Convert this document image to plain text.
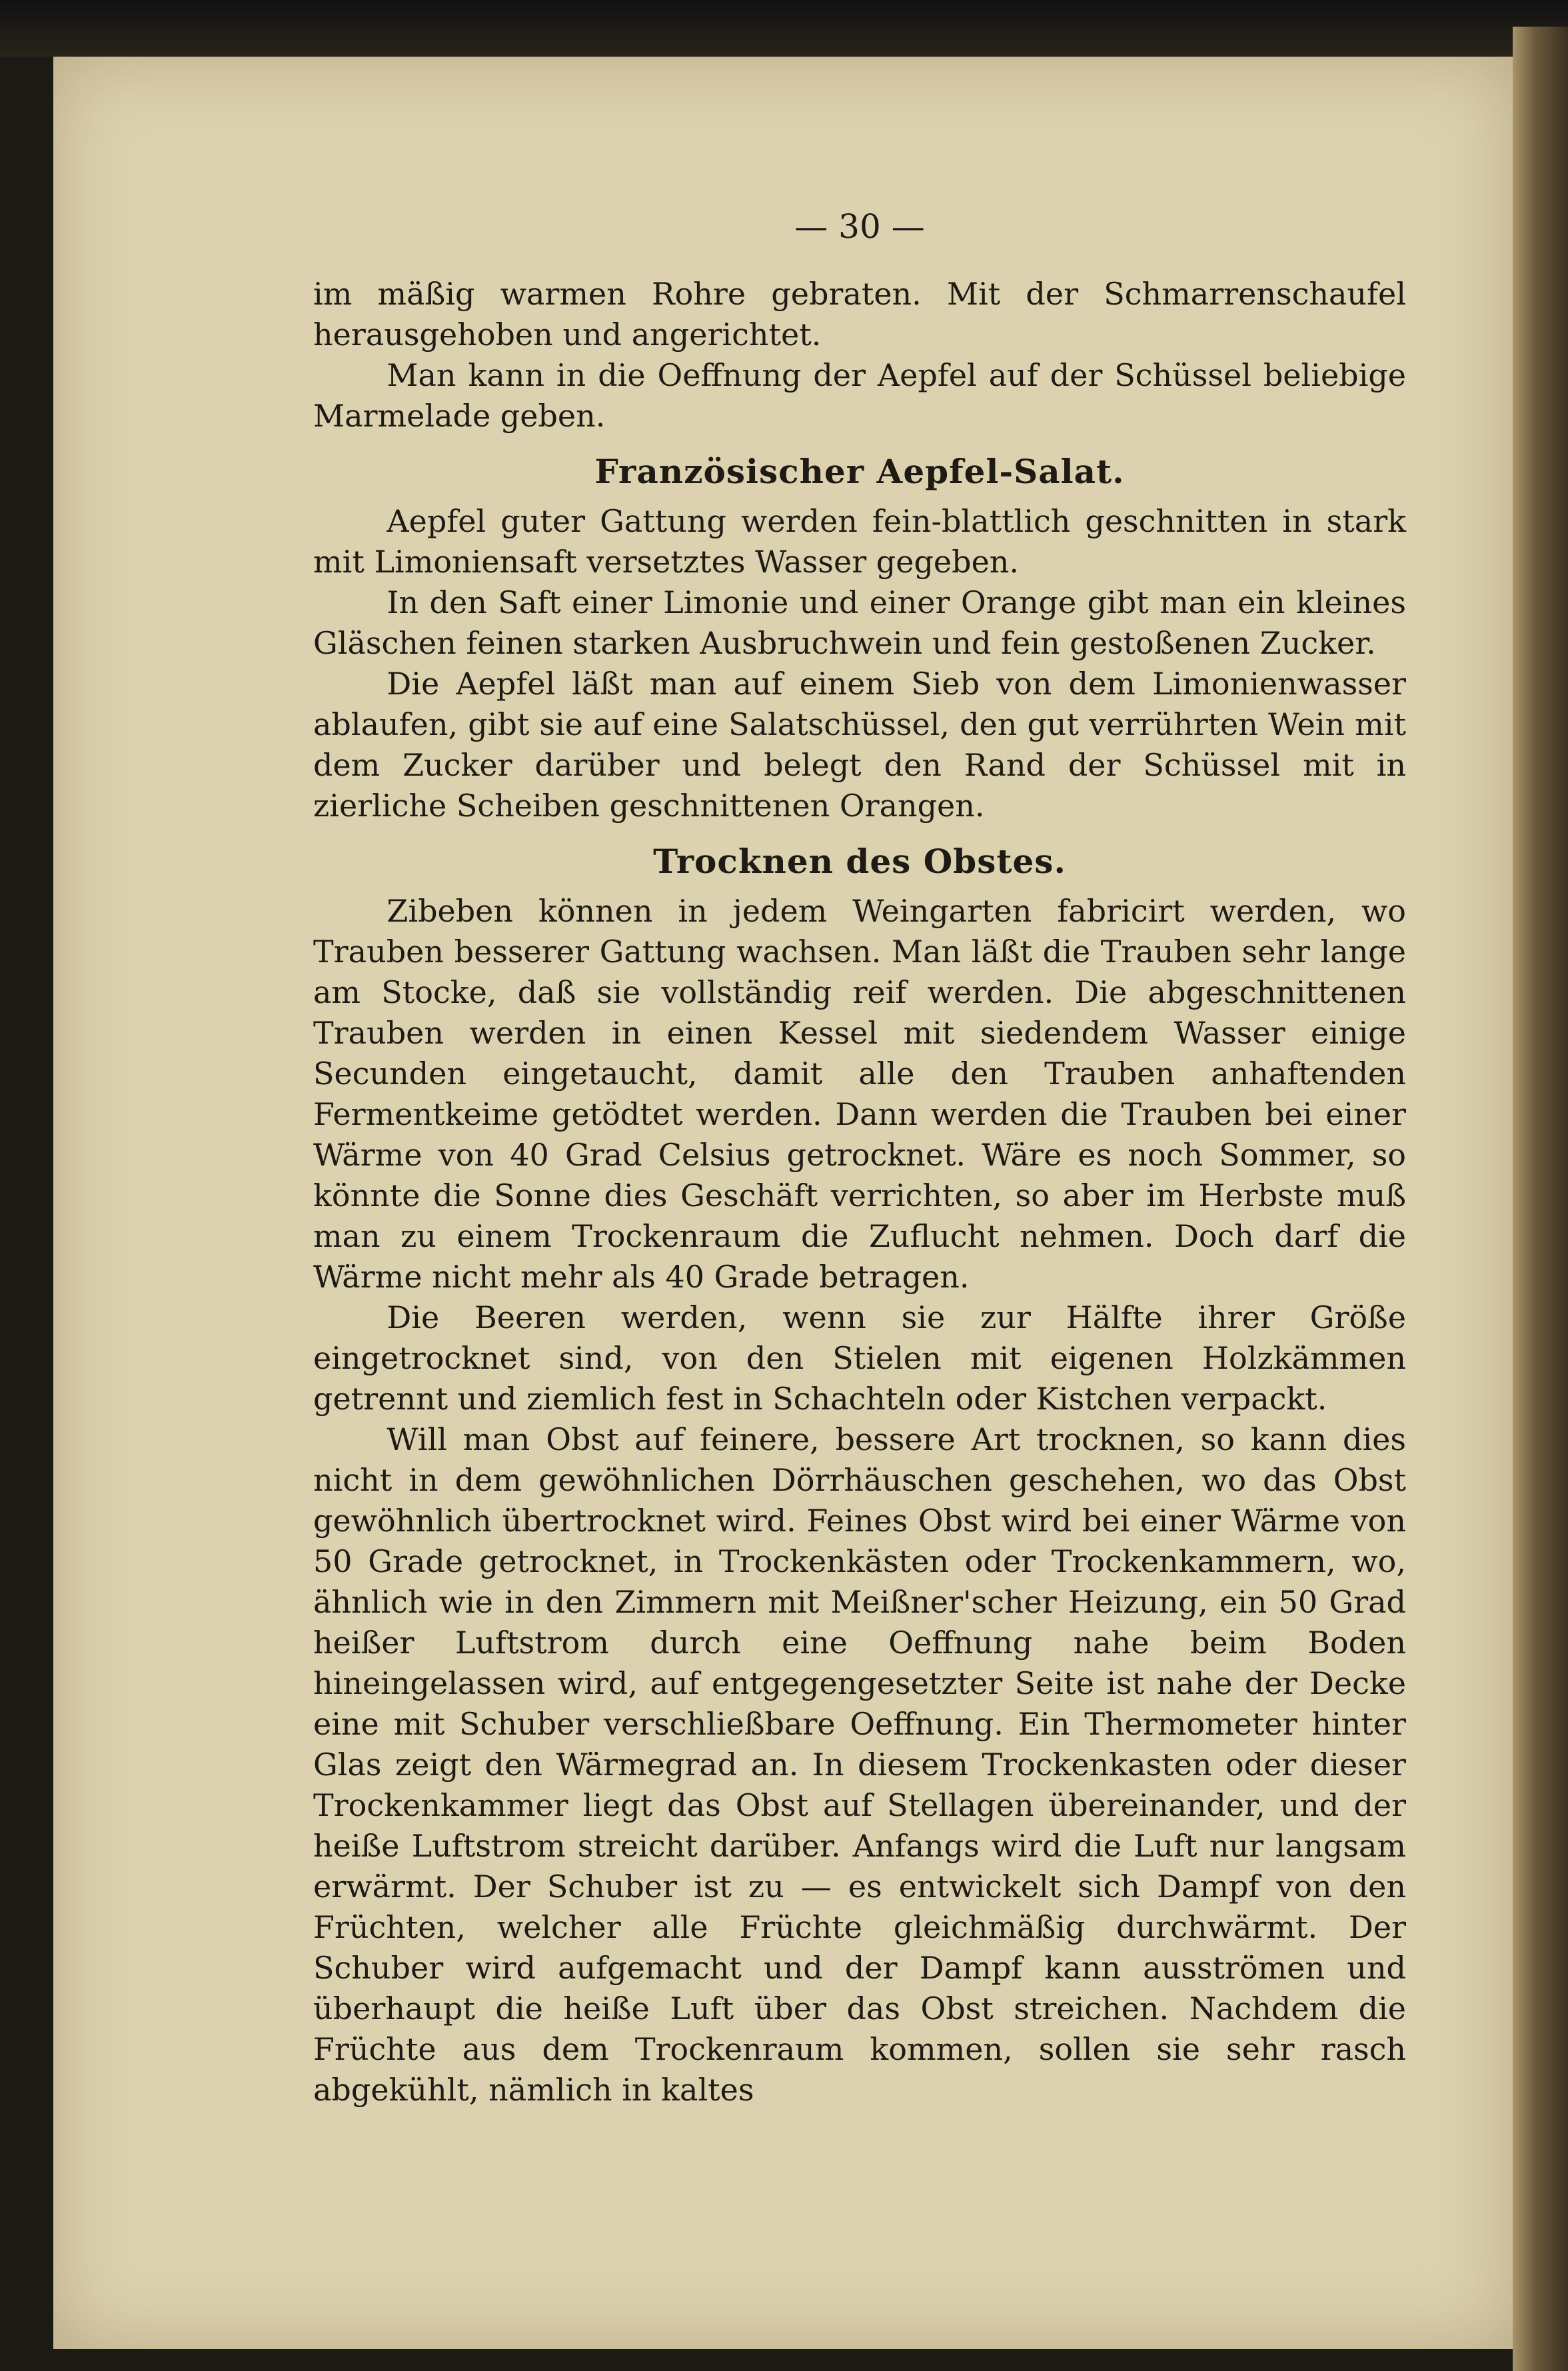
— 30 —

im mäßig warmen Rohre gebraten. Mit der Schmarrenschaufel herausgehoben und angerichtet.

Man kann in die Oeffnung der Aepfel auf der Schüssel beliebige Marmelade geben.

Französischer Aepfel-Salat.

Aepfel guter Gattung werden fein-blattlich geschnitten in stark mit Limoniensaft versetztes Wasser gegeben.

In den Saft einer Limonie und einer Orange gibt man ein kleines Gläschen feinen starken Ausbruchwein und fein gestoßenen Zucker.

Die Aepfel läßt man auf einem Sieb von dem Limonienwasser ablaufen, gibt sie auf eine Salatschüssel, den gut verrührten Wein mit dem Zucker darüber und belegt den Rand der Schüssel mit in zierliche Scheiben geschnittenen Orangen.

Trocknen des Obstes.

Zibeben können in jedem Weingarten fabricirt werden, wo Trauben besserer Gattung wachsen. Man läßt die Trauben sehr lange am Stocke, daß sie vollständig reif werden. Die abgeschnittenen Trauben werden in einen Kessel mit siedendem Wasser einige Secunden eingetaucht, damit alle den Trauben anhaftenden Fermentkeime getödtet werden. Dann werden die Trauben bei einer Wärme von 40 Grad Celsius getrocknet. Wäre es noch Sommer, so könnte die Sonne dies Geschäft verrichten, so aber im Herbste muß man zu einem Trockenraum die Zuflucht nehmen. Doch darf die Wärme nicht mehr als 40 Grade betragen.

Die Beeren werden, wenn sie zur Hälfte ihrer Größe eingetrocknet sind, von den Stielen mit eigenen Holzkämmen getrennt und ziemlich fest in Schachteln oder Kistchen verpackt.

Will man Obst auf feinere, bessere Art trocknen, so kann dies nicht in dem gewöhnlichen Dörrhäuschen geschehen, wo das Obst gewöhnlich übertrocknet wird. Feines Obst wird bei einer Wärme von 50 Grade getrocknet, in Trockenkästen oder Trockenkammern, wo, ähnlich wie in den Zimmern mit Meißner'scher Heizung, ein 50 Grad heißer Luftstrom durch eine Oeffnung nahe beim Boden hineingelassen wird, auf entgegengesetzter Seite ist nahe der Decke eine mit Schuber verschließbare Oeffnung. Ein Thermometer hinter Glas zeigt den Wärmegrad an. In diesem Trockenkasten oder dieser Trockenkammer liegt das Obst auf Stellagen übereinander, und der heiße Luftstrom streicht darüber. Anfangs wird die Luft nur langsam erwärmt. Der Schuber ist zu — es entwickelt sich Dampf von den Früchten, welcher alle Früchte gleichmäßig durchwärmt. Der Schuber wird aufgemacht und der Dampf kann ausströmen und überhaupt die heiße Luft über das Obst streichen. Nachdem die Früchte aus dem Trockenraum kommen, sollen sie sehr rasch abgekühlt, nämlich in kaltes
